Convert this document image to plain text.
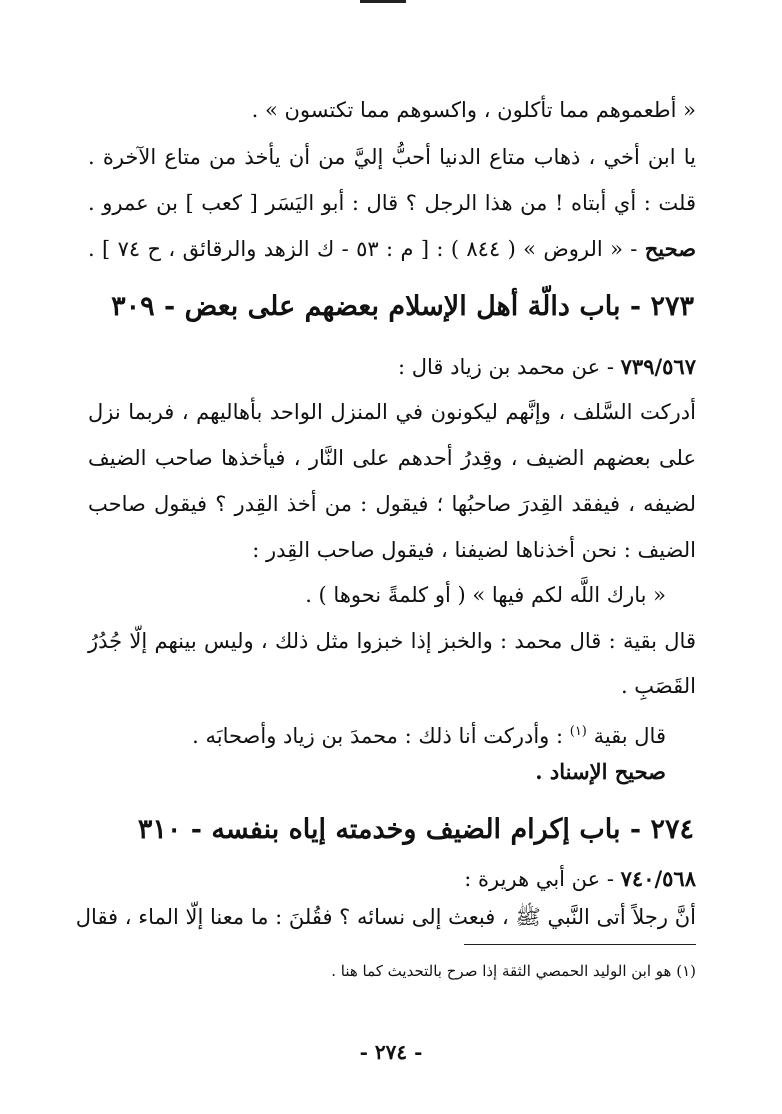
« أطعموهم مما تأكلون ، واكسوهم مما تكتسون » .
يا ابن أخي ، ذهاب متاع الدنيا أحبُّ إليَّ من أن يأخذ من متاع الآخرة .
قلت : أي أبتاه ! من هذا الرجل ؟ قال : أبو اليَسَر [ كعب ] بن عمرو .
صحيح - « الروض » ( ٨٤٤ ) : [ م : ٥٣ - ك الزهد والرقائق ، ح ٧٤ ] .
٢٧٣ - باب دالّة أهل الإسلام بعضهم على بعض - ٣٠٩
٧٣٩/٥٦٧ - عن محمد بن زياد قال :
أدركت السَّلف ، وإنَّهم ليكونون في المنزل الواحد بأهاليهم ، فربما نزل
على بعضهم الضيف ، وقِدرُ أحدهم على النَّار ، فيأخذها صاحب الضيف
لضيفه ، فيفقد القِدرَ صاحبُها ؛ فيقول : من أخذ القِدر ؟ فيقول صاحب
الضيف : نحن أخذناها لضيفنا ، فيقول صاحب القِدر :
« بارك اللَّه لكم فيها » ( أو كلمةً نحوها ) .
قال بقية : قال محمد : والخبز إذا خبزوا مثل ذلك ، وليس بينهم إلّا جُدُرُ
القَصَبِ .
قال بقية $^{(١)}$ : وأدركت أنا ذلك : محمدَ بن زياد وأصحابَه .
صحيح الإسناد .
٢٧٤ - باب إكرام الضيف وخدمته إياه بنفسه - ٣١٠
٧٤٠/٥٦٨ - عن أبي هريرة :
أنَّ رجلاً أتى النَّبي ﷺ ، فبعث إلى نسائه ؟ فقُلنَ : ما معنا إلّا الماء ، فقال
(١) هو ابن الوليد الحمصي الثقة إذا صرح بالتحديث كما هنا .
- ٢٧٤ -
